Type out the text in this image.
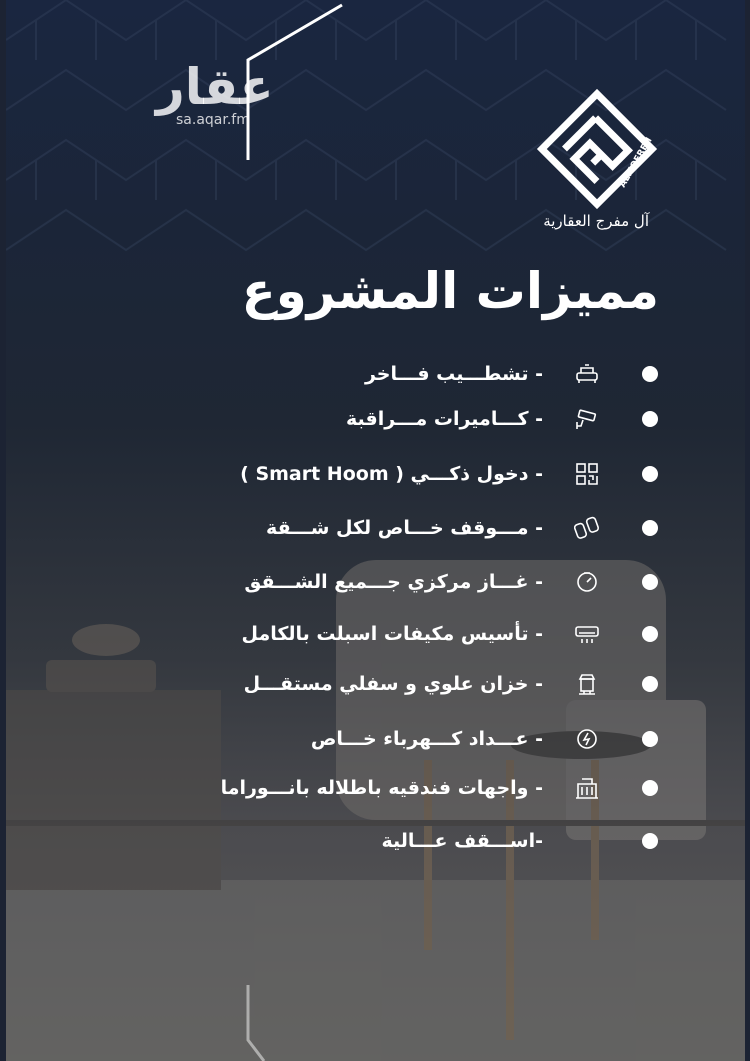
عقار
sa.aqar.fm
ALMOFREH
آل مفرج العقارية
مميزات المشروع
- تشطـــيب فـــاخر
- كـــاميرات مـــراقبة
- دخول ذكـــي ( Smart Hoom )
- مـــوقف خـــاص لكل شـــقة
- غـــاز مركزي جـــميع الشـــقق
- تأسيس مكيفات اسبلت بالكامل
- خزان علوي و سفلي مستقـــل
- عـــداد كـــهرباء خـــاص
- واجهات فندقيه باطلاله بانـــوراما
-اســـقف عـــالية
